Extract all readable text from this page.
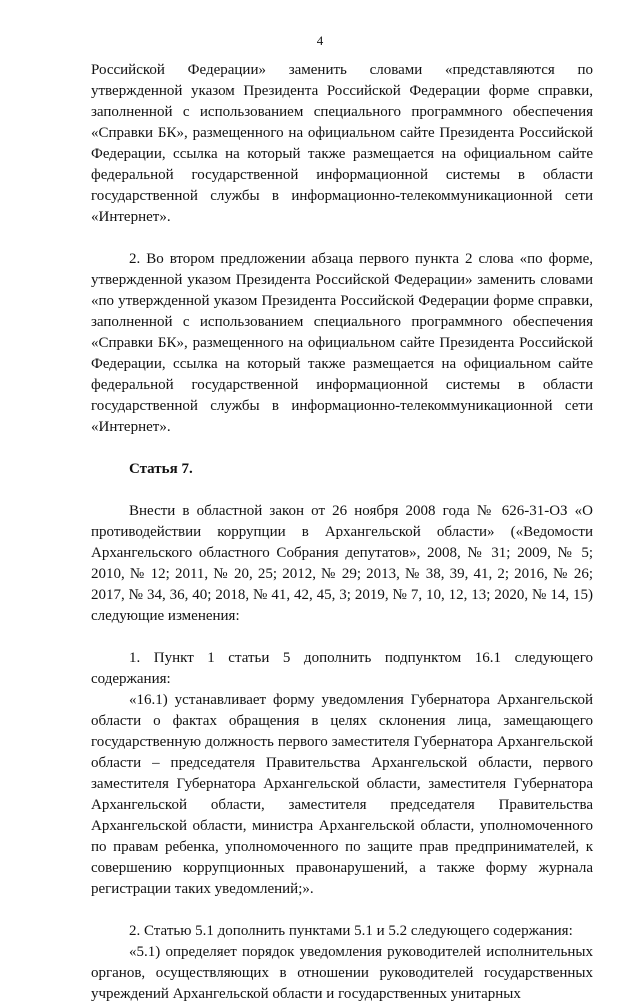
4

Российской Федерации» заменить словами «представляются по утвержденной указом Президента Российской Федерации форме справки, заполненной с использованием специального программного обеспечения «Справки БК», размещенного на официальном сайте Президента Российской Федерации, ссылка на который также размещается на официальном сайте федеральной государственной информационной системы в области государственной службы в информационно-телекоммуникационной сети «Интернет».

2. Во втором предложении абзаца первого пункта 2 слова «по форме, утвержденной указом Президента Российской Федерации» заменить словами «по утвержденной указом Президента Российской Федерации форме справки, заполненной с использованием специального программного обеспечения «Справки БК», размещенного на официальном сайте Президента Российской Федерации, ссылка на который также размещается на официальном сайте федеральной государственной информационной системы в области государственной службы в информационно-телекоммуникационной сети «Интернет».

Статья 7.

Внести в областной закон от 26 ноября 2008 года № 626-31-ОЗ «О противодействии коррупции в Архангельской области» («Ведомости Архангельского областного Собрания депутатов», 2008, № 31; 2009, № 5; 2010, № 12; 2011, № 20, 25; 2012, № 29; 2013, № 38, 39, 41, 2; 2016, № 26; 2017, № 34, 36, 40; 2018, № 41, 42, 45, 3; 2019, № 7, 10, 12, 13; 2020, № 14, 15) следующие изменения:

1. Пункт 1 статьи 5 дополнить подпунктом 16.1 следующего содержания:

«16.1) устанавливает форму уведомления Губернатора Архангельской области о фактах обращения в целях склонения лица, замещающего государственную должность первого заместителя Губернатора Архангельской области – председателя Правительства Архангельской области, первого заместителя Губернатора Архангельской области, заместителя Губернатора Архангельской области, заместителя председателя Правительства Архангельской области, министра Архангельской области, уполномоченного по правам ребенка, уполномоченного по защите прав предпринимателей, к совершению коррупционных правонарушений, а также форму журнала регистрации таких уведомлений;».

2. Статью 5.1 дополнить пунктами 5.1 и 5.2 следующего содержания:

«5.1) определяет порядок уведомления руководителей исполнительных органов, осуществляющих в отношении руководителей государственных учреждений Архангельской области и государственных унитарных
